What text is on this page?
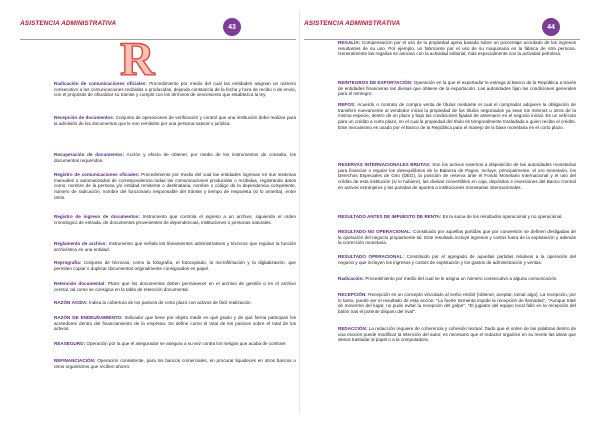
ASISTENCIA ADMINISTRATIVA	43
R
Radicación de comunicaciones oficiales: Procedimiento por medio del cual las entidades asignan un número consecutivo a las comunicaciones recibidas o producidas, dejando constancia de la fecha y hora de recibo o de envío, con el propósito de oficializar su trámite y cumplir con los términos de vencimiento que establezca la ley.
Recepción de documentos: Conjunto de operaciones de verificación y control que una institución debe realizar para la admisión de los documentos que le son remitidos por una persona natural o jurídica.
Recuperación de documentos: Acción y efecto de obtener, por medio de los instrumentos de consulta, los documentos requeridos.
Registro de comunicaciones oficiales: Procedimiento por medio del cual las entidades ingresan en sus sistemas manuales o automatizados de correspondencia todas las comunicaciones producidas o recibidas, registrando datos como: nombre de la persona y/o entidad remitente o destinataria, nombre o código de la dependencia competente, número de radicación, nombre del funcionario responsable del trámite y tiempo de respuesta (si lo amerita), entre otros.
Registro de ingreso de documentos: Instrumento que controla el ingreso a un archivo, siguiendo el orden cronológico de entrada, de documentos provenientes de dependencias, instituciones o personas naturales.
Reglamento de archivo: Instrumento que señala los lineamientos administrativos y técnicos que regulan la función archivística en una entidad.
Reprografía: Conjunto de técnicas, como la fotografía, el fotocopiado, la microfilmación y la digitalización, que permiten copiar o duplicar documentos originalmente consignados en papel.
Retención documental: Plazo que los documentos deben permanecer en el archivo de gestión o en el archivo central, tal como se consigna en la tabla de retención documental.
RAZÓN ÁCIDA: Indica la cobertura de los pasivos de corto plazo con activos de fácil realización.
RAZÓN DE ENDEUDAMIENTO: Indicador que tiene por objeto medir en qué grado y de qué forma participan los acreedores dentro del financiamiento de la empresa. Se define como el total de los pasivos sobre el total de los activos.
REASEGURO: Operación por la que el asegurador se asegura a su vez contra los riesgos que acaba de contraer.
REFINANCIACIÓN: Operación consistente, para los bancos comerciales, en procurar liquideces en otros bancos u otros organismos que reciben ahorro.
ASISTENCIA ADMINISTRATIVA	44
REGALÍA: Compensación por el uso de la propiedad ajena basada sobre un porcentaje acordado de los ingresos resultantes de su uso. Por ejemplo, un fabricante por el uso de su maquinaria en la fábrica de otra persona. Generalmente las regalías se asocian con la actividad editorial, más especialmente con la actividad petrolera.
REINTEGROS DE EXPORTACIÓN: Operación en la que el exportador le entrega al Banco de la República a través de entidades financieras las divisas que obtiene de la exportación. Las autoridades fijan las condiciones generales para el reintegro.
REPOS: Acuerdo o contrato de compra venta de títulos mediante el cual el comprador adquiere la obligación de transferir nuevamente al vendedor inicial la propiedad de los títulos negociados ya sean los mismos u otros de la misma especie, dentro de un plazo y bajo las condiciones fijadas de antemano en el negocio inicial. Es un vehículo para un crédito a corto plazo, en el cual la propiedad del título es temporalmente trasladada a quien recibe el crédito. Este mecanismo es usado por el Banco de la República para el manejo de la base monetaria en el corto plazo.
RESERVAS INTERNACIONALES BRUTAS: Son los activos externos a disposición de las autoridades monetarias para financiar o regular los desequilibrios de la Balanza de Pagos. Incluye, principalmente, el oro monetario, los Derechos Especiales de Giro (DEG), la posición de reserva ante el Fondo Monetario Internacional y el uso del crédito de esta institución (si lo hubiere), las divisas convertibles en caja, depósitos e inversiones del Banco Central en activos extranjeros y las partidas de aportes a instituciones monetarias internacionales.
RESULTADO ANTES DE IMPUESTO DE RENTA: Es la suma de los resultados operacional y no operacional.
RESULTADO NO OPERACIONAL: Constituido por aquellas partidas que por conversión se definen desligadas de la operación del negocio propiamente tal. Este resultado incluye ingresos y costos fuera de la explotación y además la corrección monetaria.
RESULTADO OPERACIONAL: Constituido por el agregado de aquellas partidas relativas a la operación del negocio y que incluyen los ingresos y costos de explotación y los gastos de administración y ventas.
Radicación: Procedimiento por medio del cual se le asigna un número consecutivo a alguna comunicación.
RECEPCIÓN: Recepción es un concepto vinculado al verbo recibir (obtener, aceptar, tomar algo). La recepción, por lo tanto, puede ser el resultado de esta acción: "La fuerte tormenta impide la recepción de llamadas", "Aunque traté de moverme del lugar, no pudo evitar la recepción del golpe", "El jugador del equipo local falló en la recepción del balón tras el potente disparo del rival".
REDACCIÓN: La redacción requiere de coherencia y cohesión textual. Dado que el orden de las palabras dentro de una oración puede modificar la intención del autor, es necesario que el redactor organice en su mente las ideas que desea trasladar al papel o a la computadora.
